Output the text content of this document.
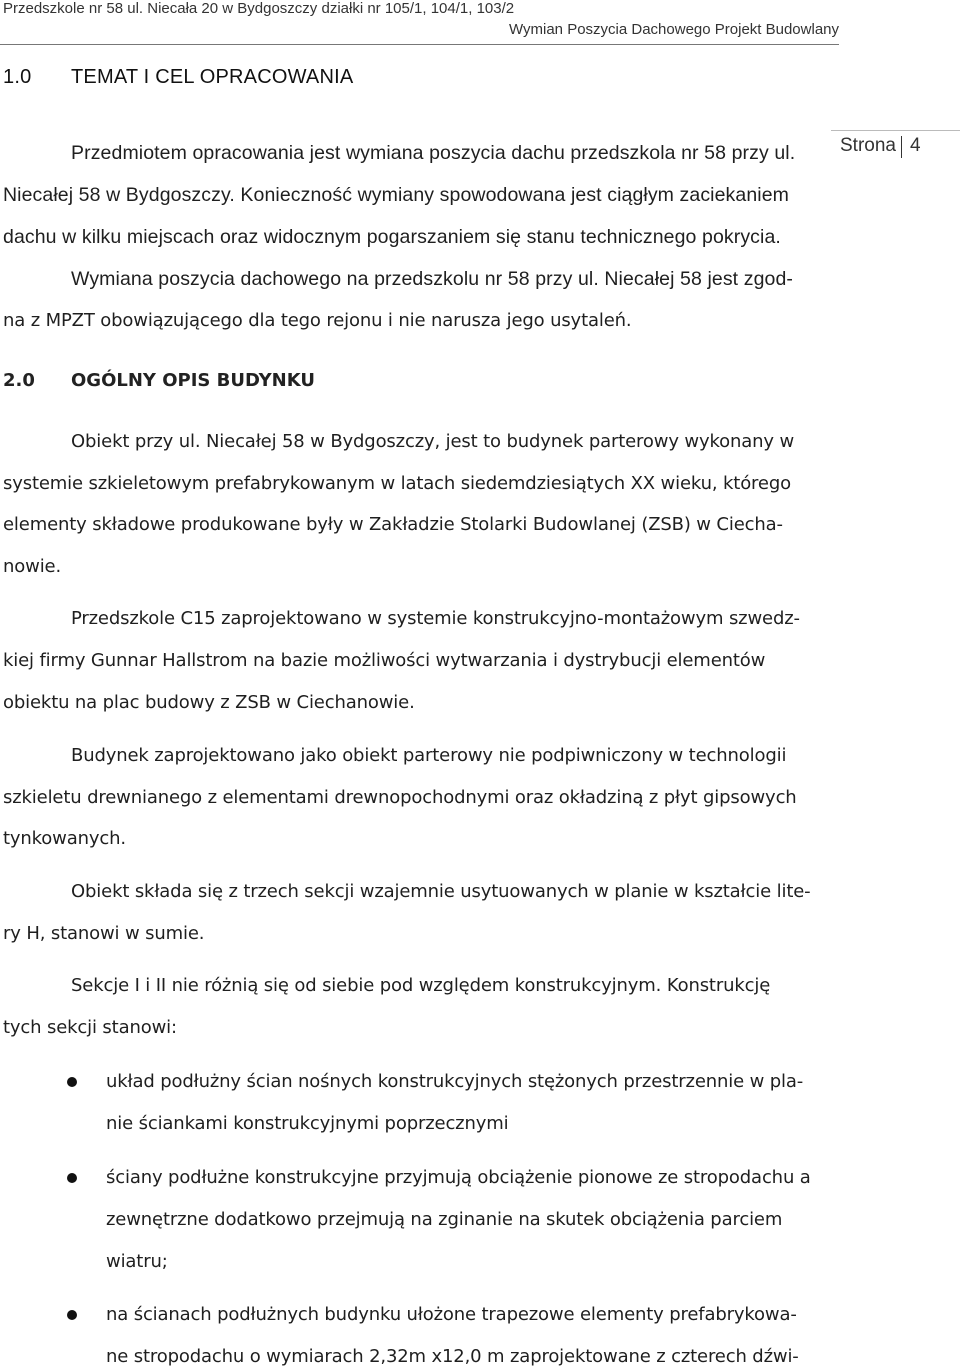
Przedszkole nr 58 ul. Niecała 20 w Bydgoszczy działki nr 105/1, 104/1, 103/2
Wymian Poszycia Dachowego Projekt Budowlany
Strona 4
1.0 TEMAT I CEL OPRACOWANIA
Przedmiotem opracowania jest wymiana poszycia dachu przedszkola nr 58 przy ul.
Niecałej 58 w Bydgoszczy. Konieczność wymiany spowodowana jest ciągłym zaciekaniem
dachu w kilku miejscach oraz widocznym pogarszaniem się stanu technicznego pokrycia.
Wymiana poszycia dachowego na przedszkolu nr 58 przy ul. Niecałej 58 jest zgod-
na z MPZT obowiązującego dla tego rejonu i nie narusza jego usytaleń.
2.0 OGÓLNY OPIS BUDYNKU
Obiekt przy ul. Niecałej 58 w Bydgoszczy, jest to budynek parterowy wykonany w
systemie szkieletowym prefabrykowanym w latach siedemdziesiątych XX wieku, którego
elementy składowe produkowane były w Zakładzie Stolarki Budowlanej (ZSB) w Ciecha-
nowie.
Przedszkole C15 zaprojektowano w systemie konstrukcyjno-montażowym szwedz-
kiej firmy Gunnar Hallstrom na bazie możliwości wytwarzania i dystrybucji elementów
obiektu na plac budowy z ZSB w Ciechanowie.
Budynek zaprojektowano jako obiekt parterowy nie podpiwniczony w technologii
szkieletu drewnianego z elementami drewnopochodnymi oraz okładziną z płyt gipsowych
tynkowanych.
Obiekt składa się z trzech sekcji wzajemnie usytuowanych w planie w kształcie lite-
ry H, stanowi w sumie.
Sekcje I i II nie różnią się od siebie pod względem konstrukcyjnym. Konstrukcję
tych sekcji stanowi:
układ podłużny ścian nośnych konstrukcyjnych stężonych przestrzennie w pla-
nie ściankami konstrukcyjnymi poprzecznymi
ściany podłużne konstrukcyjne przyjmują obciążenie pionowe ze stropodachu a
zewnętrzne dodatkowo przejmują na zginanie na skutek obciążenia parciem
wiatru;
na ścianach podłużnych budynku ułożone trapezowe elementy prefabrykowa-
ne stropodachu o wymiarach 2,32m x12,0 m zaprojektowane z czterech dźwi-
